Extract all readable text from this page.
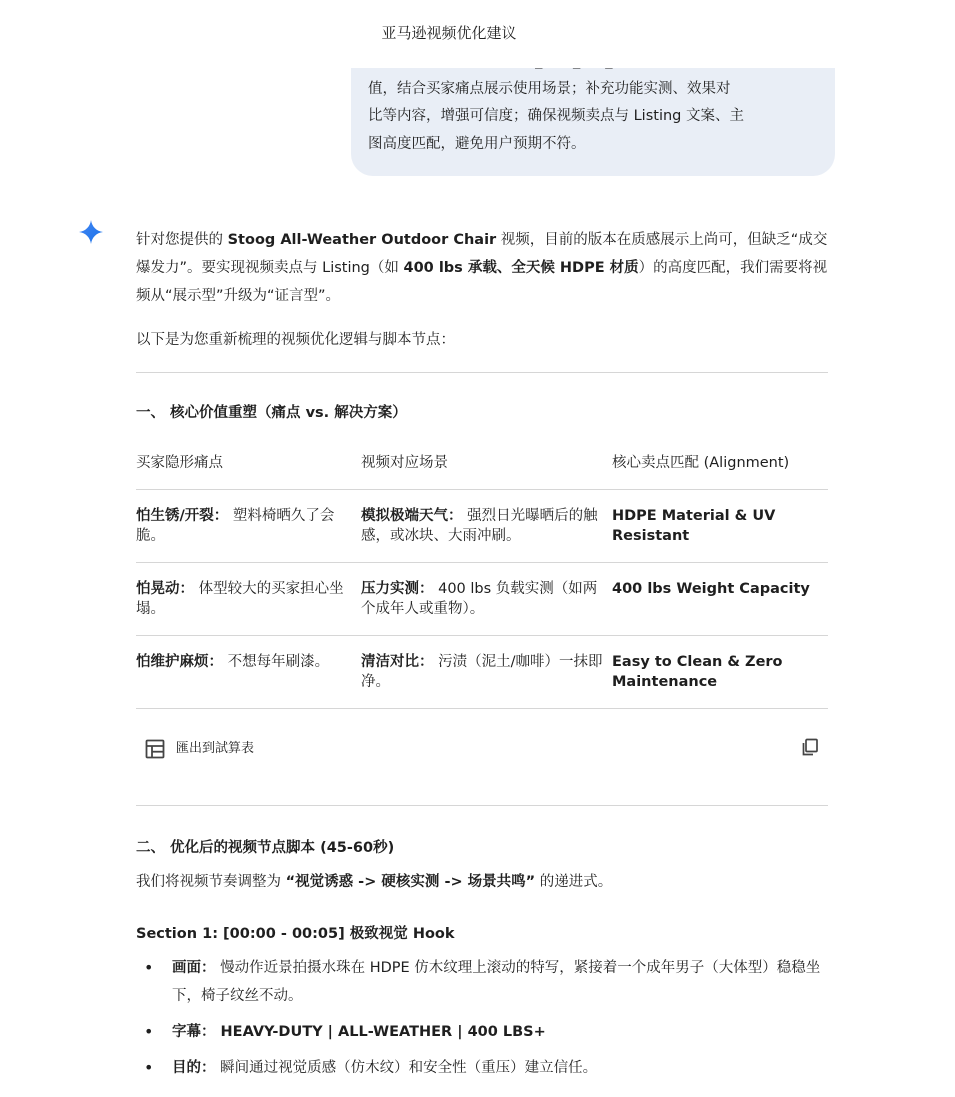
值，结合买家痛点展示使用场景；补充功能实测、效果对
比等内容，增强可信度；确保视频卖点与 Listing 文案、主
图高度匹配，避免用户预期不符。
亚马逊视频优化建议

针对您提供的 Stoog All-Weather Outdoor Chair 视频，目前的版本在质感展示上尚可，但缺乏“成交爆发力”。要实现视频卖点与 Listing（如 400 lbs 承载、全天候 HDPE 材质）的高度匹配，我们需要将视频从“展示型”升级为“证言型”。

以下是为您重新梳理的视频优化逻辑与脚本节点：

一、 核心价值重塑（痛点 vs. 解决方案）
买家隐形痛点	视频对应场景	核心卖点匹配 (Alignment)
怕生锈/开裂： 塑料椅晒久了会脆。	模拟极端天气： 强烈日光曝晒后的触感，或冰块、大雨冲刷。	HDPE Material & UV Resistant
怕晃动： 体型较大的买家担心坐塌。	压力实测： 400 lbs 负载实测（如两个成年人或重物）。	400 lbs Weight Capacity
怕维护麻烦： 不想每年刷漆。	清洁对比： 污渍（泥土/咖啡）一抹即净。	Easy to Clean & Zero Maintenance
匯出到試算表
二、 优化后的视频节点脚本 (45-60秒)

我们将视频节奏调整为 “视觉诱惑 -> 硬核实测 -> 场景共鸣” 的递进式。

Section 1: [00:00 - 00:05] 极致视觉 Hook
• 画面： 慢动作近景拍摄水珠在 HDPE 仿木纹理上滚动的特写，紧接着一个成年男子（大体型）稳稳坐下，椅子纹丝不动。
• 字幕： HEAVY-DUTY | ALL-WEATHER | 400 LBS+
• 目的： 瞬间通过视觉质感（仿木纹）和安全性（重压）建立信任。
